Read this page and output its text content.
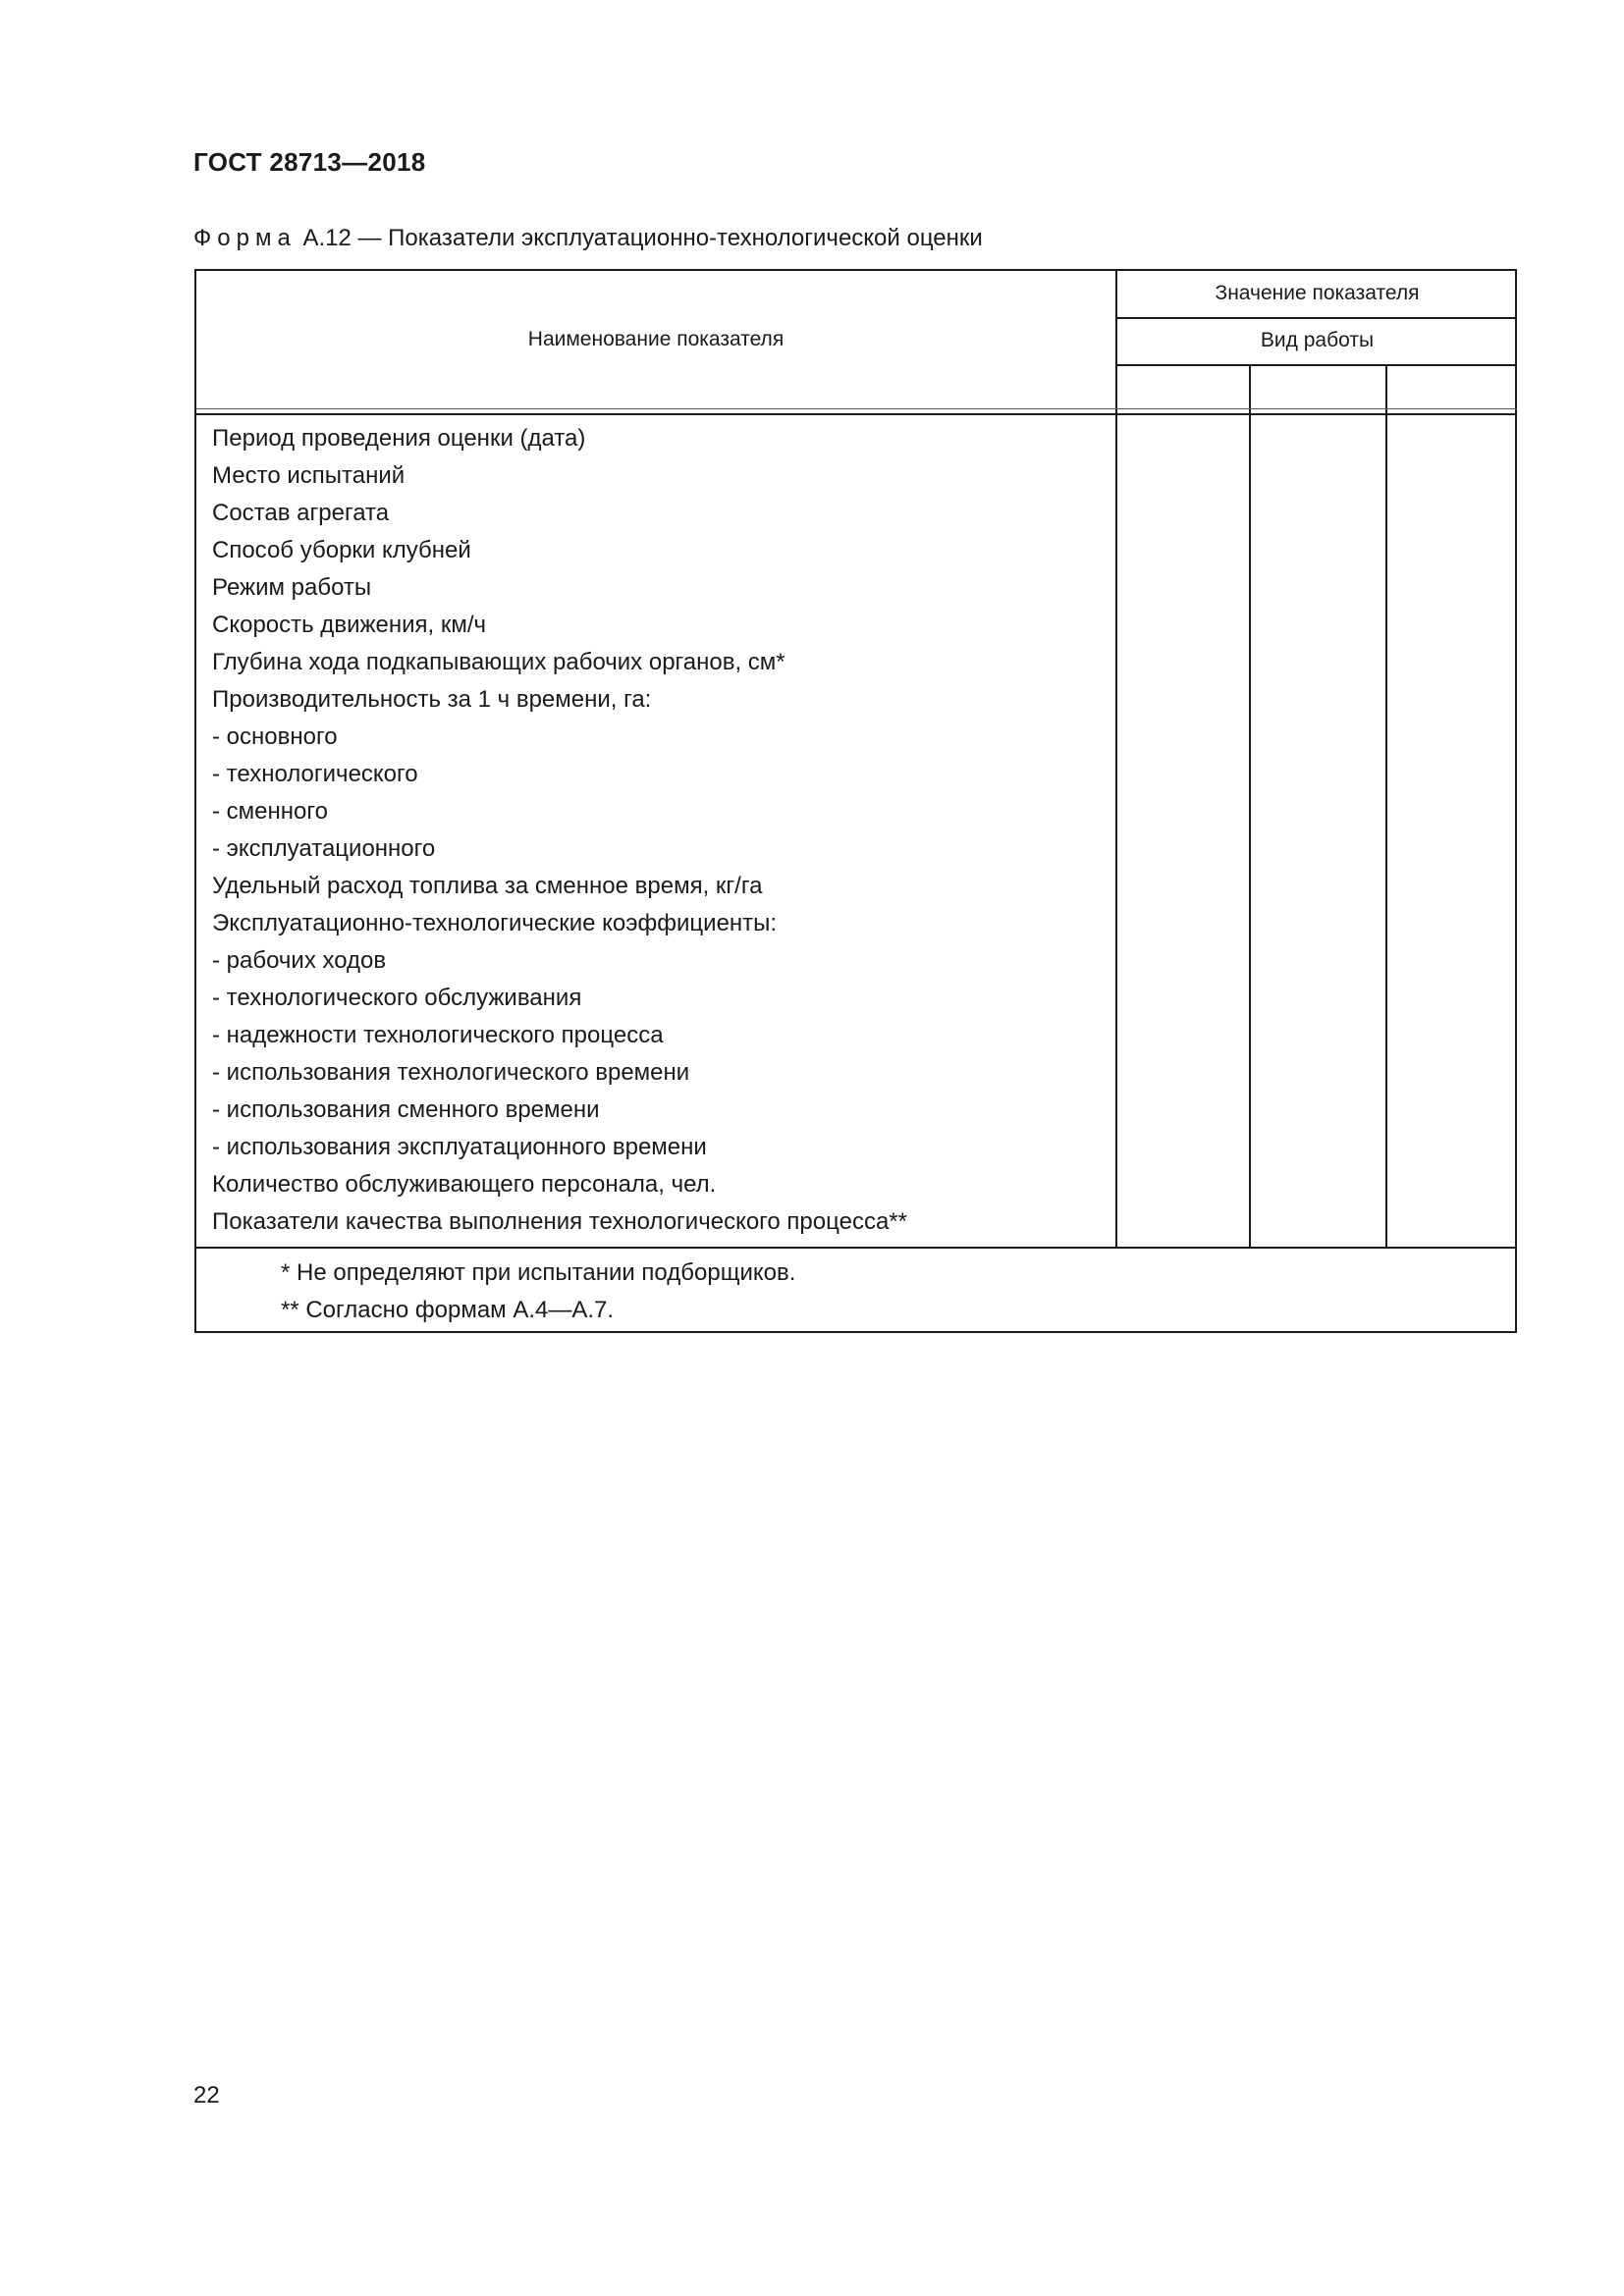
ГОСТ 28713—2018
Форма А.12 — Показатели эксплуатационно-технологической оценки
Наименование показателя
Значение показателя
Вид работы
Период проведения оценки (дата)
Место испытаний
Состав агрегата
Способ уборки клубней
Режим работы
Скорость движения, км/ч
Глубина хода подкапывающих рабочих органов, см*
Производительность за 1 ч времени, га:
- основного
- технологического
- сменного
- эксплуатационного
Удельный расход топлива за сменное время, кг/га
Эксплуатационно-технологические коэффициенты:
- рабочих ходов
- технологического обслуживания
- надежности технологического процесса
- использования технологического времени
- использования сменного времени
- использования эксплуатационного времени
Количество обслуживающего персонала, чел.
Показатели качества выполнения технологического процесса**
* Не определяют при испытании подборщиков.
** Согласно формам А.4—А.7.
22
